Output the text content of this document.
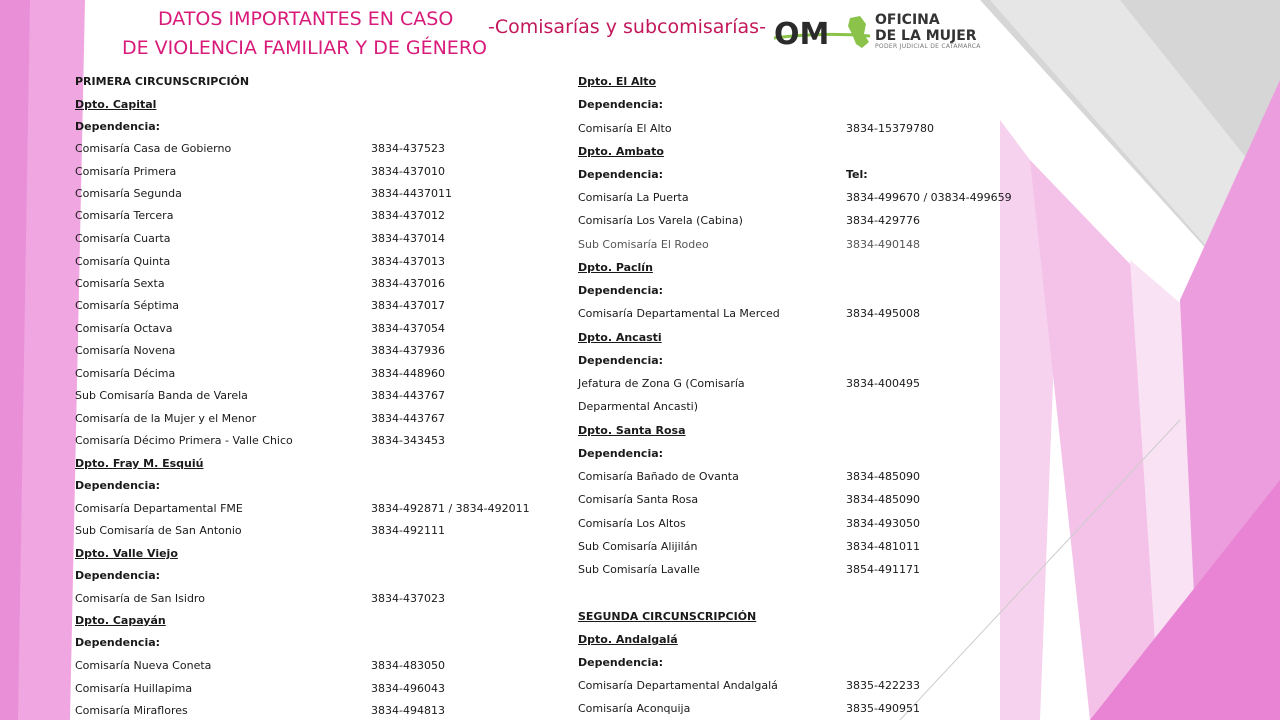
DATOS IMPORTANTES EN CASO
DE VIOLENCIA FAMILIAR Y DE GÉNERO
-Comisarías y subcomisarías- OM	OFICINA
DE LA MUJER
PODER JUDICIAL DE CATAMARCA
PRIMERA CIRCUNSCRIPCIÓN
Dpto. Capital
Dependencia:
Comisaría Casa de Gobierno	3834-437523
Comisaría Primera	3834-437010
Comisaría Segunda	3834-4437011
Comisaría Tercera	3834-437012
Comisaría Cuarta	3834-437014
Comisaría Quinta	3834-437013
Comisaría Sexta	3834-437016
Comisaría Séptima	3834-437017
Comisaría Octava	3834-437054
Comisaría Novena	3834-437936
Comisaría Décima	3834-448960
Sub Comisaría Banda de Varela	3834-443767
Comisaría de la Mujer y el Menor	3834-443767
Comisaría Décimo Primera - Valle Chico	3834-343453
Dpto. Fray M. Esquiú
Dependencia:
Comisaría Departamental FME	3834-492871 / 3834-492011
Sub Comisaría de San Antonio	3834-492111
Dpto. Valle Viejo
Dependencia:
Comisaría de San Isidro	3834-437023
Dpto. Capayán
Dependencia:
Comisaría Nueva Coneta	3834-483050
Comisaría Huillapima	3834-496043
Comisaría Miraflores	3834-494813
Dpto. El Alto
Dependencia:
Comisaría El Alto	3834-15379780
Dpto. Ambato
Dependencia:	Tel:
Comisaría La Puerta	3834-499670 / 03834-499659
Comisaría Los Varela (Cabina)	3834-429776
Sub Comisaría El Rodeo	3834-490148
Dpto. Paclín
Dependencia:
Comisaría Departamental La Merced	3834-495008
Dpto. Ancasti
Dependencia:
Jefatura de Zona G (Comisaría	3834-400495
Deparmental Ancasti)
Dpto. Santa Rosa
Dependencia:
Comisaría Bañado de Ovanta	3834-485090
Comisaría Santa Rosa	3834-485090
Comisaría Los Altos	3834-493050
Sub Comisaría Alijilán	3834-481011
Sub Comisaría Lavalle	3854-491171
SEGUNDA CIRCUNSCRIPCIÓN
Dpto. Andalgalá
Dependencia:
Comisaría Departamental Andalgalá	3835-422233
Comisaría Aconquija	3835-490951
